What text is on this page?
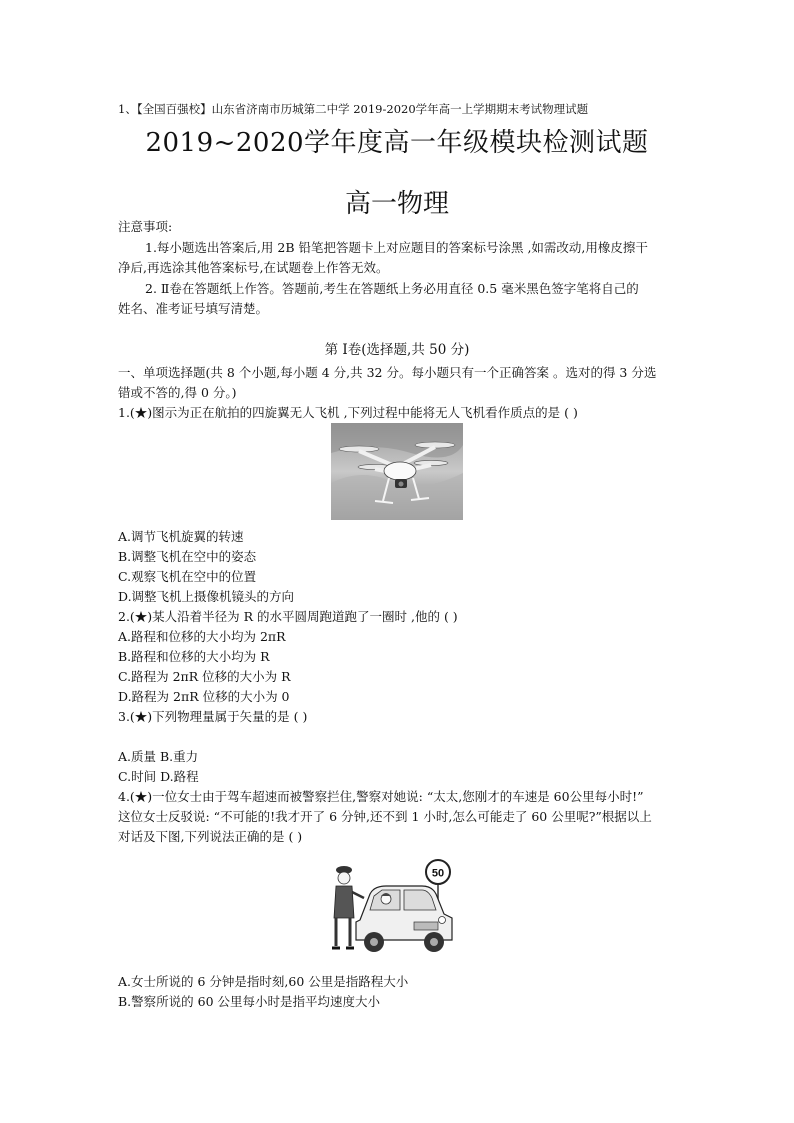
1、【全国百强校】山东省济南市历城第二中学 2019-2020学年高一上学期期末考试物理试题
2019~2020学年度高一年级模块检测试题
高一物理
注意事项:
1.每小题选出答案后,用 2B 铅笔把答题卡上对应题目的答案标号涂黑 ,如需改动,用橡皮擦干
净后,再选涂其他答案标号,在试题卷上作答无效。
2. Ⅱ卷在答题纸上作答。答题前,考生在答题纸上务必用直径 0.5 毫米黑色签字笔将自己的
姓名、准考证号填写清楚。
第 Ⅰ卷(选择题,共 50 分)
一、单项选择题(共 8 个小题,每小题 4 分,共 32 分。每小题只有一个正确答案 。选对的得 3 分选
错或不答的,得 0 分。)
1.(★)图示为正在航拍的四旋翼无人飞机 ,下列过程中能将无人飞机看作质点的是 ( )
A.调节飞机旋翼的转速
B.调整飞机在空中的姿态
C.观察飞机在空中的位置
D.调整飞机上摄像机镜头的方向
2.(★)某人沿着半径为 R 的水平圆周跑道跑了一圈时 ,他的 ( )
A.路程和位移的大小均为 2πR
B.路程和位移的大小均为 R
C.路程为 2πR 位移的大小为 R
D.路程为 2πR 位移的大小为 0
3.(★)下列物理量属于矢量的是 ( )
A.质量 B.重力
C.时间 D.路程
4.(★)一位女士由于驾车超速而被警察拦住,警察对她说: “太太,您刚才的车速是 60公里每小时!”
这位女士反驳说: “不可能的!我才开了 6 分钟,还不到 1 小时,怎么可能走了 60 公里呢?”根据以上
对话及下图,下列说法正确的是 ( )
50
A.女士所说的 6 分钟是指时刻,60 公里是指路程大小
B.警察所说的 60 公里每小时是指平均速度大小
